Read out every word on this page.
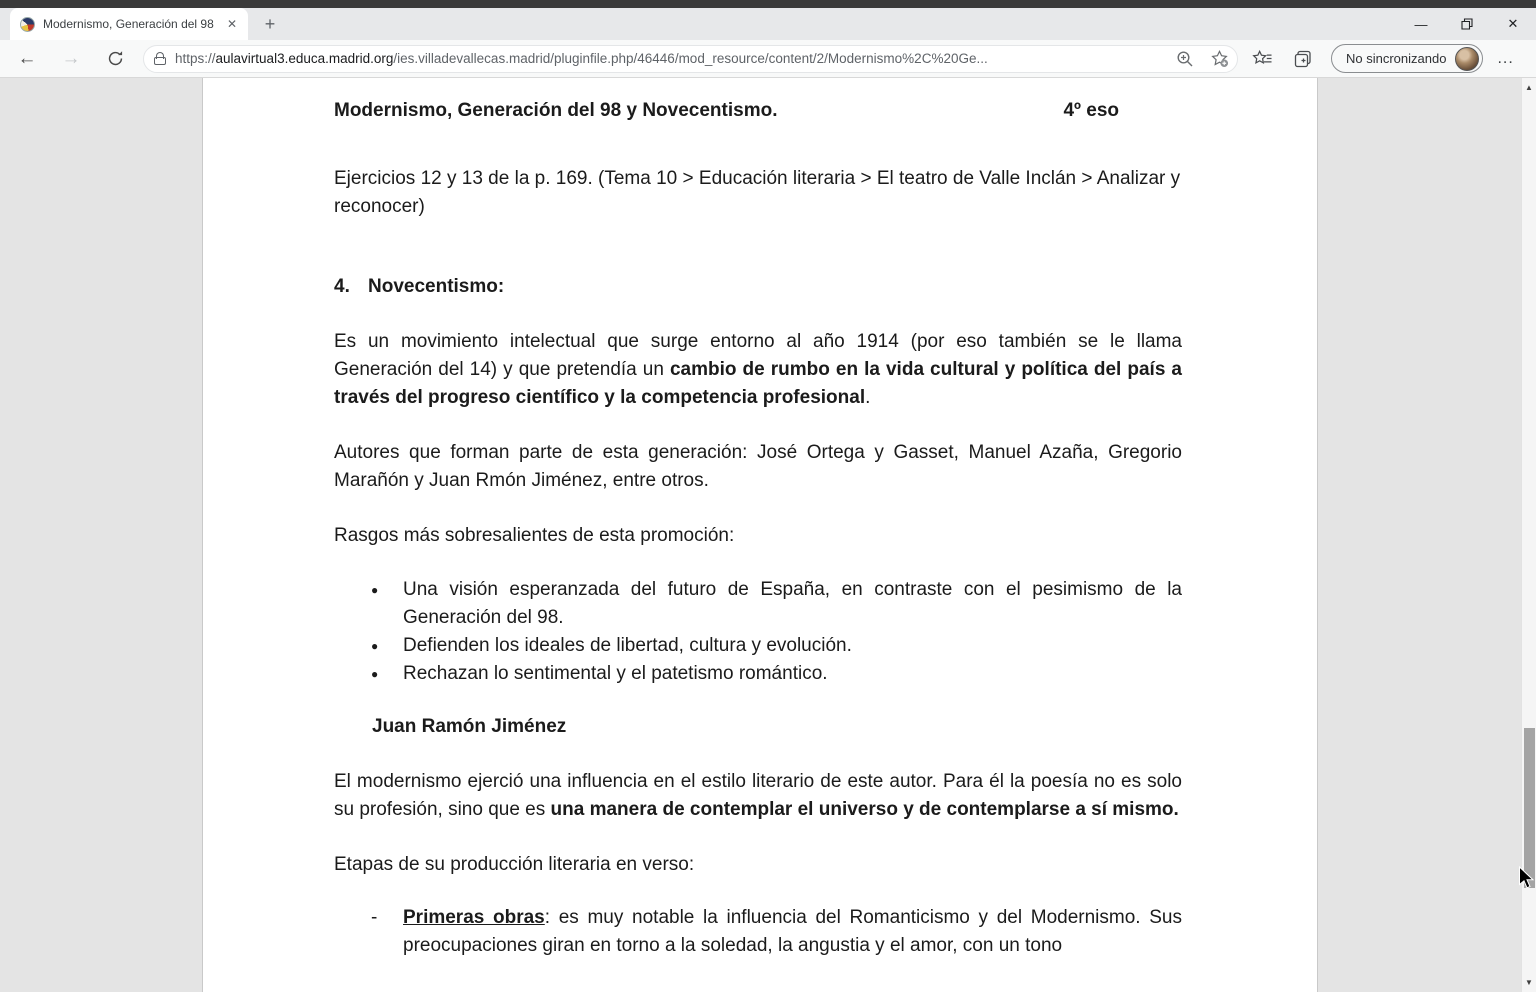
Modernismo, Generación del 98	✕	+	—	✕
← →	https://aulavirtual3.educa.madrid.org/ies.villadevallecas.madrid/pluginfile.php/46446/mod_resource/content/2/Modernismo%2C%20Ge...	No sincronizando	...
Modernismo, Generación del 98 y Novecentismo.	4º eso
Ejercicios 12 y 13 de la p. 169. (Tema 10 > Educación literaria > El teatro de Valle Inclán > Analizar y reconocer)
4. Novecentismo:
Es un movimiento intelectual que surge entorno al año 1914 (por eso también se le llama Generación del 14) y que pretendía un cambio de rumbo en la vida cultural y política del país a través del progreso científico y la competencia profesional.
Autores que forman parte de esta generación: José Ortega y Gasset, Manuel Azaña, Gregorio Marañón y Juan Rmón Jiménez, entre otros.
Rasgos más sobresalientes de esta promoción:
●	Una visión esperanzada del futuro de España, en contraste con el pesimismo de la Generación del 98.
●	Defienden los ideales de libertad, cultura y evolución.
●	Rechazan lo sentimental y el patetismo romántico.
Juan Ramón Jiménez
El modernismo ejerció una influencia en el estilo literario de este autor. Para él la poesía no es solo su profesión, sino que es una manera de contemplar el universo y de contemplarse a sí mismo.
Etapas de su producción literaria en verso:
-	Primeras obras: es muy notable la influencia del Romanticismo y del Modernismo. Sus preocupaciones giran en torno a la soledad, la angustia y el amor, con un tono
▲
▼
